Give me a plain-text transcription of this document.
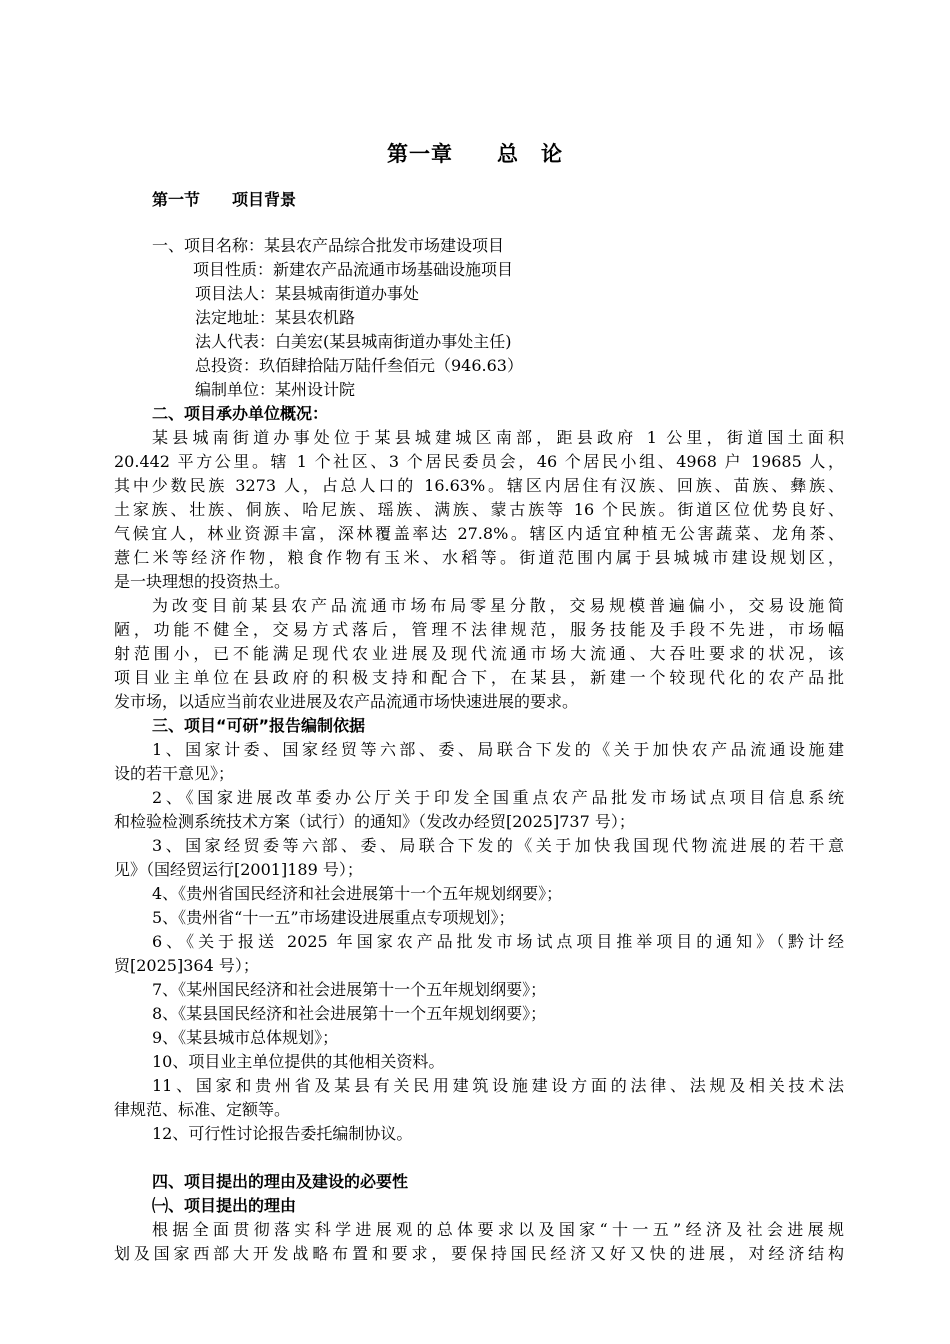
第一章　　总　论
第一节　　项目背景
一、项目名称：某县农产品综合批发市场建设项目
项目性质：新建农产品流通市场基础设施项目
项目法人：某县城南街道办事处
法定地址：某县农机路
法人代表：白美宏(某县城南街道办事处主任)
总投资：玖佰肆拾陆万陆仟叁佰元（946.63）
编制单位：某州设计院
二、项目承办单位概况：
某县城南街道办事处位于某县城建城区南部，距县政府 1 公里，街道国土面积
20.442 平方公里。辖 1 个社区、3 个居民委员会，46 个居民小组、4968 户 19685 人，
其中少数民族 3273 人，占总人口的 16.63%。辖区内居住有汉族、回族、苗族、彝族、
土家族、壮族、侗族、哈尼族、瑶族、满族、蒙古族等 16 个民族。街道区位优势良好、
气候宜人，林业资源丰富，深林覆盖率达 27.8%。辖区内适宜种植无公害蔬菜、龙角茶、
薏仁米等经济作物，粮食作物有玉米、水稻等。街道范围内属于县城城市建设规划区，
是一块理想的投资热土。
为改变目前某县农产品流通市场布局零星分散，交易规模普遍偏小，交易设施简
陋，功能不健全，交易方式落后，管理不法律规范，服务技能及手段不先进，市场幅
射范围小，已不能满足现代农业进展及现代流通市场大流通、大吞吐要求的状况，该
项目业主单位在县政府的积极支持和配合下，在某县，新建一个较现代化的农产品批
发市场，以适应当前农业进展及农产品流通市场快速进展的要求。
三、项目“可研”报告编制依据
1、国家计委、国家经贸等六部、委、局联合下发的《关于加快农产品流通设施建
设的若干意见》；
2、《国家进展改革委办公厅关于印发全国重点农产品批发市场试点项目信息系统
和检验检测系统技术方案（试行）的通知》（发改办经贸[2025]737 号）；
3、国家经贸委等六部、委、局联合下发的《关于加快我国现代物流进展的若干意
见》（国经贸运行[2001]189 号）；
4、《贵州省国民经济和社会进展第十一个五年规划纲要》；
5、《贵州省“十一五”市场建设进展重点专项规划》；
6、《关于报送 2025 年国家农产品批发市场试点项目推举项目的通知》（黔计经
贸[2025]364 号）；
7、《某州国民经济和社会进展第十一个五年规划纲要》；
8、《某县国民经济和社会进展第十一个五年规划纲要》；
9、《某县城市总体规划》；
10、项目业主单位提供的其他相关资料。
11、国家和贵州省及某县有关民用建筑设施建设方面的法律、法规及相关技术法
律规范、标准、定额等。
12、可行性讨论报告委托编制协议。
四、项目提出的理由及建设的必要性
㈠、项目提出的理由
根据全面贯彻落实科学进展观的总体要求以及国家“十一五”经济及社会进展规
划及国家西部大开发战略布置和要求，要保持国民经济又好又快的进展，对经济结构
